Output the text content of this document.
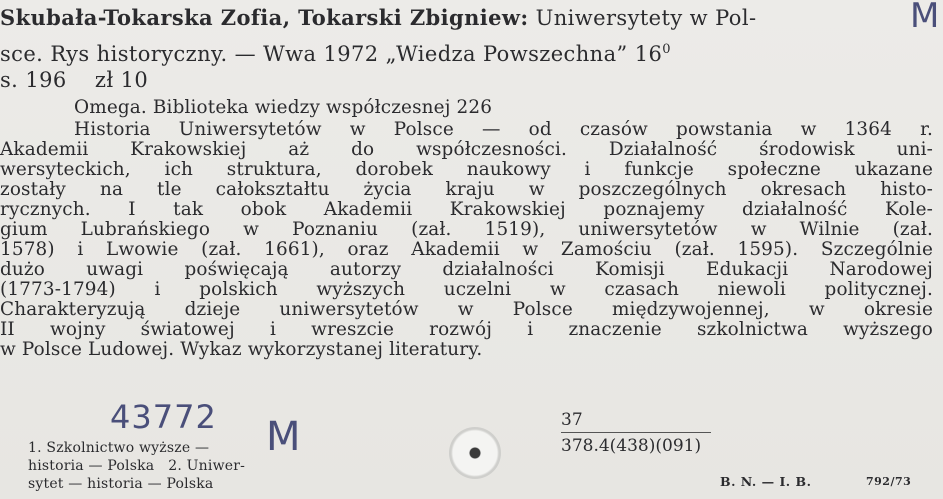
Skubała-Tokarska Zofia, Tokarski Zbigniew: Uniwersytety w Pol-
sce. Rys historyczny. — Wwa 1972 „Wiedza Powszechna” $16^0$
s. 196    zł 10
M
Omega. Biblioteka wiedzy współczesnej 226
Historia Uniwersytetów w Polsce — od czasów powstania w 1364 r.
Akademii Krakowskiej aż do współczesności. Działalność środowisk uni-
wersyteckich, ich struktura, dorobek naukowy i funkcje społeczne ukazane
zostały na tle całokształtu życia kraju w poszczególnych okresach histo-
rycznych. I tak obok Akademii Krakowskiej poznajemy działalność Kole-
gium Lubrańskiego w Poznaniu (zał. 1519), uniwersytetów w Wilnie (zał.
1578) i Lwowie (zał. 1661), oraz Akademii w Zamościu (zał. 1595). Szczególnie
dużo uwagi poświęcają autorzy działalności Komisji Edukacji Narodowej
(1773-1794) i polskich wyższych uczelni w czasach niewoli politycznej.
Charakteryzują dzieje uniwersytetów w Polsce międzywojennej, w okresie
II wojny światowej i wreszcie rozwój i znaczenie szkolnictwa wyższego
w Polsce Ludowej. Wykaz wykorzystanej literatury.
43772 M
1. Szkolnictwo wyższe —
historia — Polska   2. Uniwer-
sytet — historia — Polska
37
378.4(438)(091)
B. N. — I. B.	792/73
